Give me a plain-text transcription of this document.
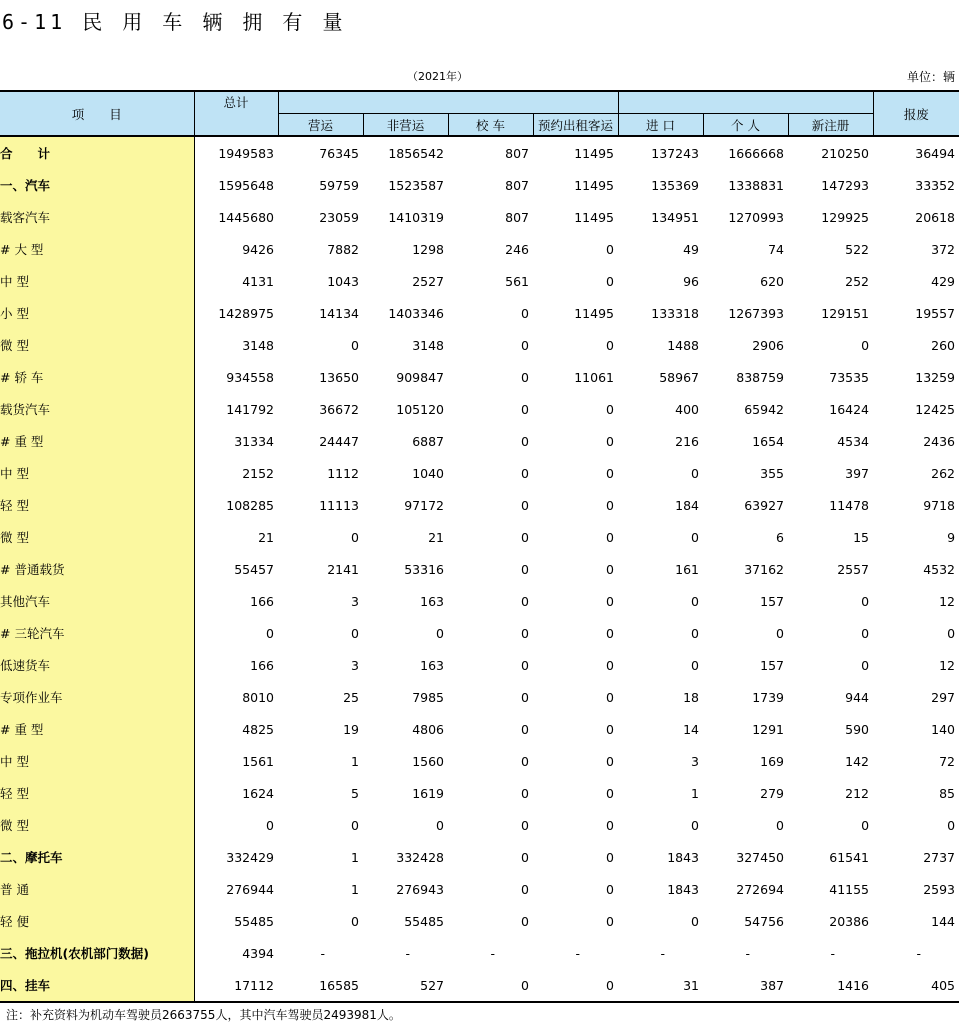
6-11 民 用 车 辆 拥 有 量
（2021年）	单位：辆
项　　目	总计								报废
		营运	非营运	校 车	预约出租客运	进 口	个 人	新注册	
合　　计	1949583	76345	1856542	807	11495	137243	1666668	210250	36494
一、汽车	1595648	59759	1523587	807	11495	135369	1338831	147293	33352
载客汽车	1445680	23059	1410319	807	11495	134951	1270993	129925	20618
# 大 型	9426	7882	1298	246	0	49	74	522	372
中 型	4131	1043	2527	561	0	96	620	252	429
小 型	1428975	14134	1403346	0	11495	133318	1267393	129151	19557
微 型	3148	0	3148	0	0	1488	2906	0	260
# 轿 车	934558	13650	909847	0	11061	58967	838759	73535	13259
载货汽车	141792	36672	105120	0	0	400	65942	16424	12425
# 重 型	31334	24447	6887	0	0	216	1654	4534	2436
中 型	2152	1112	1040	0	0	0	355	397	262
轻 型	108285	11113	97172	0	0	184	63927	11478	9718
微 型	21	0	21	0	0	0	6	15	9
# 普通载货	55457	2141	53316	0	0	161	37162	2557	4532
其他汽车	166	3	163	0	0	0	157	0	12
# 三轮汽车	0	0	0	0	0	0	0	0	0
低速货车	166	3	163	0	0	0	157	0	12
专项作业车	8010	25	7985	0	0	18	1739	944	297
# 重 型	4825	19	4806	0	0	14	1291	590	140
中 型	1561	1	1560	0	0	3	169	142	72
轻 型	1624	5	1619	0	0	1	279	212	85
微 型	0	0	0	0	0	0	0	0	0
二、摩托车	332429	1	332428	0	0	1843	327450	61541	2737
普 通	276944	1	276943	0	0	1843	272694	41155	2593
轻 便	55485	0	55485	0	0	0	54756	20386	144
三、拖拉机(农机部门数据)	4394	-	-	-	-	-	-	-	-
四、挂车	17112	16585	527	0	0	31	387	1416	405
注：补充资料为机动车驾驶员2663755人，其中汽车驾驶员2493981人。
